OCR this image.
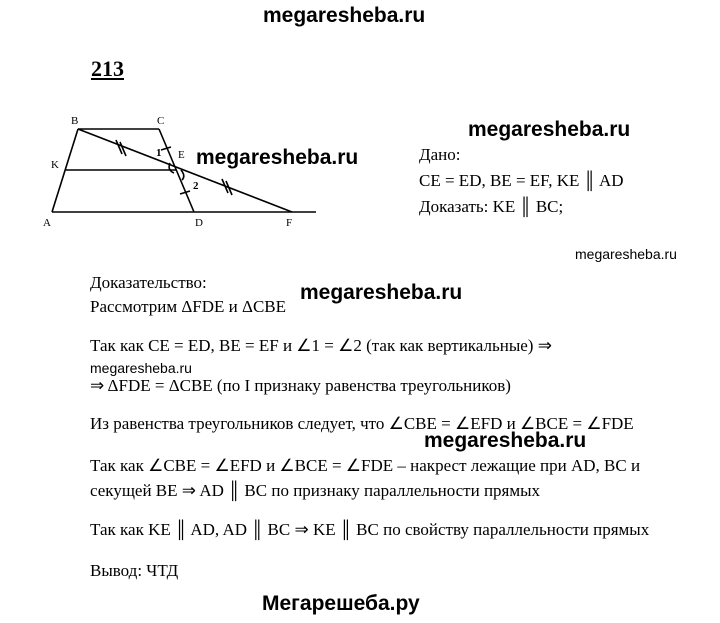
megaresheba.ru
213
B	C
K
E
A	D	F
1
2
megaresheba.ru
megaresheba.ru
Дано:
CE = ED, BE = EF, KE ║ AD
Доказать: KE ║ BC;
megaresheba.ru
Доказательство:
Рассмотрим ΔFDE и ΔCBE
megaresheba.ru
Так как CE = ED, BE = EF и ∠1 = ∠2 (так как вертикальные) ⇒
megaresheba.ru
⇒ ΔFDE = ΔCBE (по I признаку равенства треугольников)
Из равенства треугольников следует, что ∠CBE = ∠EFD и ∠BCE = ∠FDE
megaresheba.ru
Так как ∠CBE = ∠EFD и ∠BCE = ∠FDE – накрест лежащие при AD, BC и
секущей BE ⇒ AD ║ BC по признаку параллельности прямых
Так как KE ║ AD, AD ║ BC ⇒ KE ║ BC по свойству параллельности прямых
Вывод: ЧТД
Мегарешеба.ру
